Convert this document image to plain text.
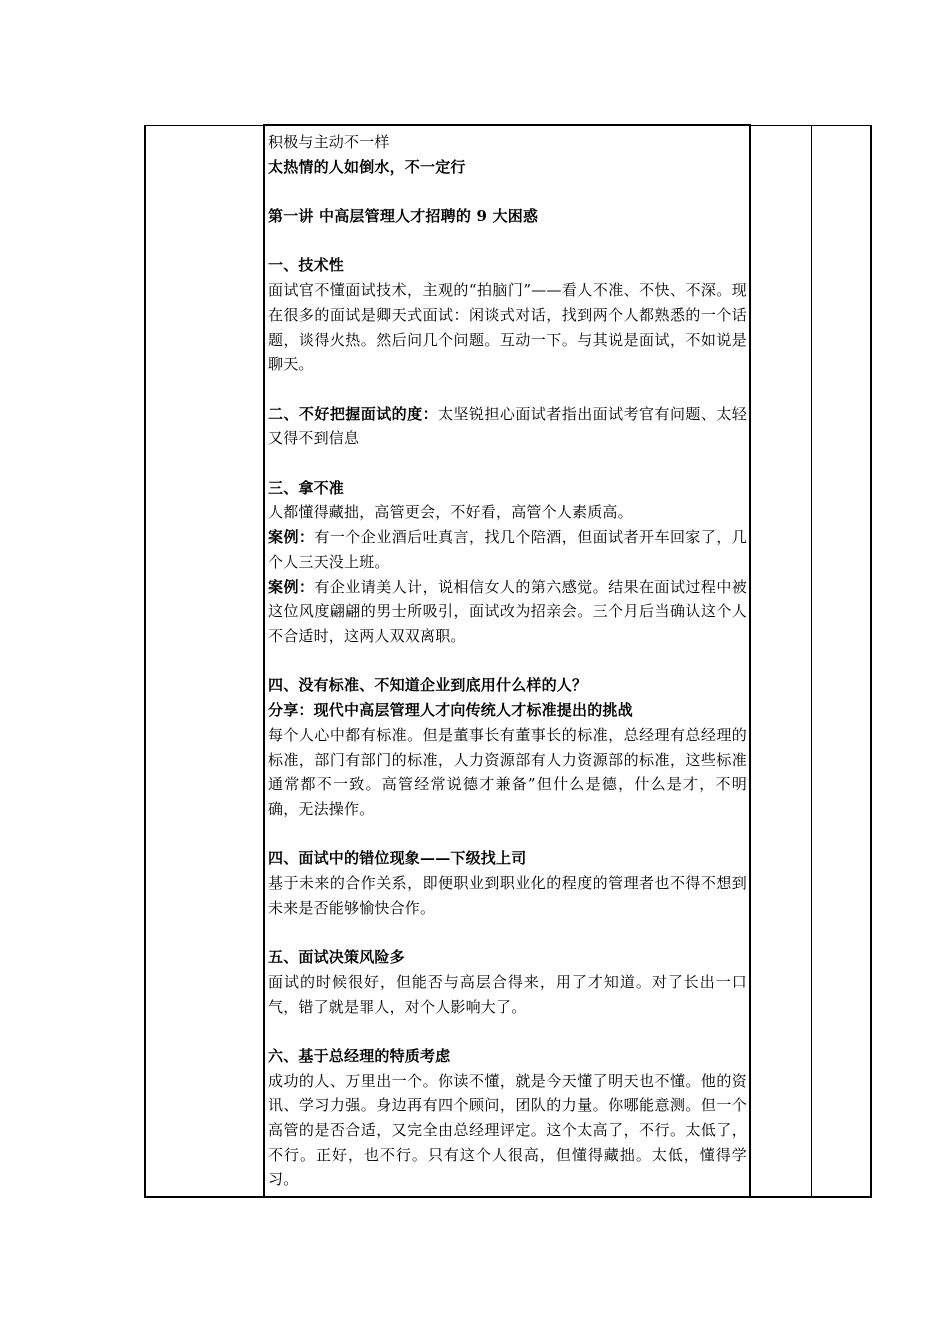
积极与主动不一样

太热情的人如倒水，不一定行

第一讲 中高层管理人才招聘的 9 大困惑

一、技术性

面试官不懂面试技术，主观的“拍脑门”——看人不准、不快、不深。现在很多的面试是卿天式面试：闲谈式对话，找到两个人都熟悉的一个话题，谈得火热。然后问几个问题。互动一下。与其说是面试，不如说是聊天。

二、不好把握面试的度：太坚锐担心面试者指出面试考官有问题、太轻又得不到信息

三、拿不准

人都懂得藏拙，高管更会，不好看，高管个人素质高。

案例：有一个企业酒后吐真言，找几个陪酒，但面试者开车回家了，几个人三天没上班。

案例：有企业请美人计，说相信女人的第六感觉。结果在面试过程中被这位风度翩翩的男士所吸引，面试改为招亲会。三个月后当确认这个人不合适时，这两人双双离职。

四、没有标准、不知道企业到底用什么样的人？

分享：现代中高层管理人才向传统人才标准提出的挑战

每个人心中都有标准。但是董事长有董事长的标准，总经理有总经理的标准，部门有部门的标准，人力资源部有人力资源部的标准，这些标准通常都不一致。高管经常说德才兼备”但什么是德，什么是才，不明确，无法操作。

四、面试中的错位现象——下级找上司

基于未来的合作关系，即便职业到职业化的程度的管理者也不得不想到未来是否能够愉快合作。

五、面试决策风险多

面试的时候很好，但能否与高层合得来，用了才知道。对了长出一口气，错了就是罪人，对个人影响大了。

六、基于总经理的特质考虑

成功的人、万里出一个。你读不懂，就是今天懂了明天也不懂。他的资讯、学习力强。身边再有四个顾问，团队的力量。你哪能意测。但一个高管的是否合适，又完全由总经理评定。这个太高了，不行。太低了，不行。正好，也不行。只有这个人很高，但懂得藏拙。太低，懂得学习。
